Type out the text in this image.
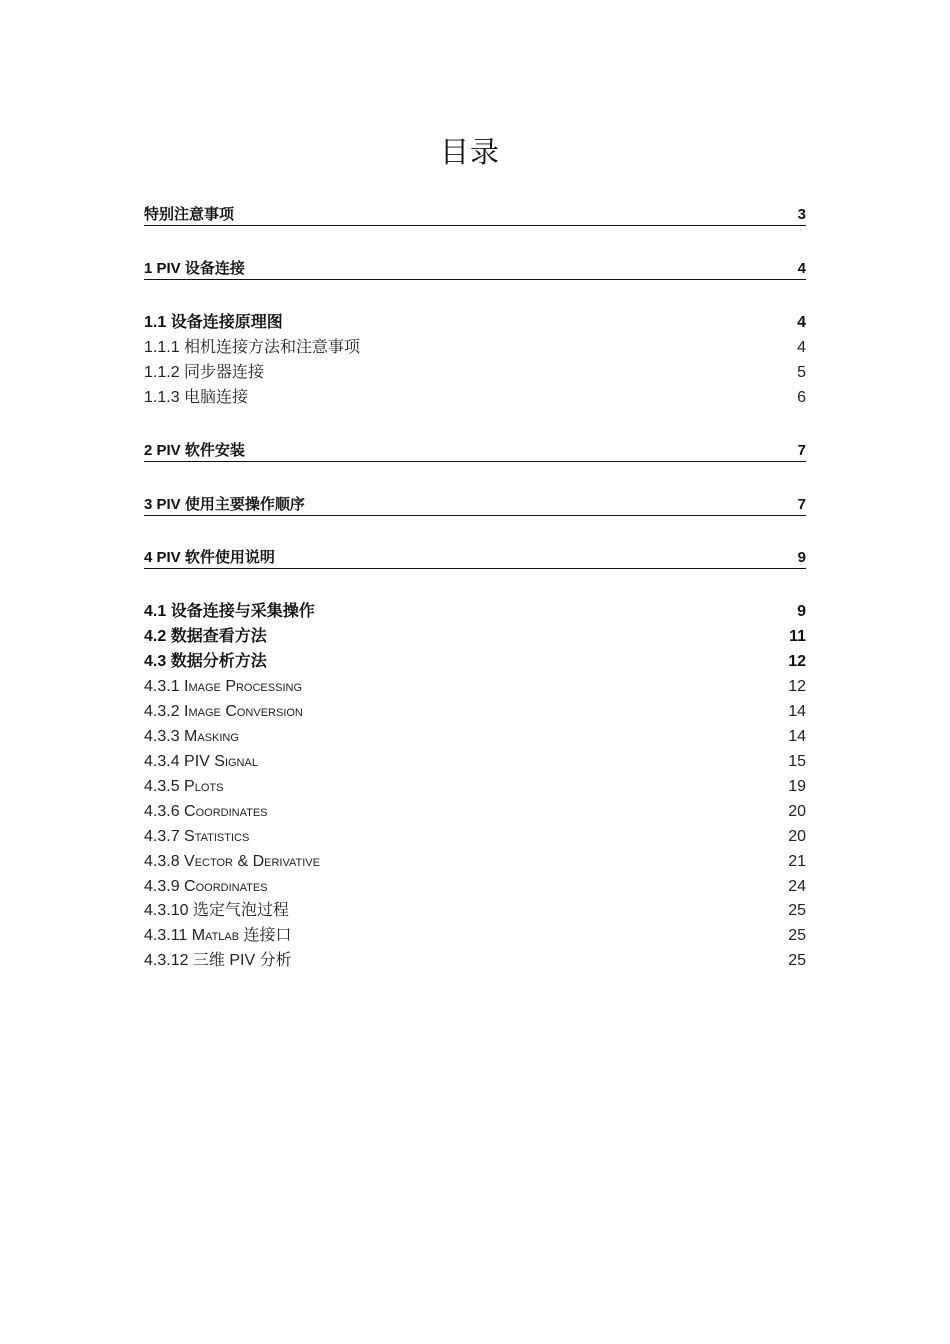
目录
特别注意事项	3
1 PIV 设备连接	4
1.1 设备连接原理图	4
1.1.1 相机连接方法和注意事项	4
1.1.2 同步器连接	5
1.1.3 电脑连接	6
2 PIV 软件安装	7
3 PIV 使用主要操作顺序	7
4 PIV 软件使用说明	9
4.1 设备连接与采集操作	9
4.2 数据查看方法	11
4.3 数据分析方法	12
4.3.1 Image Processing	12
4.3.2 Image Conversion	14
4.3.3 Masking	14
4.3.4 PIV Signal	15
4.3.5 Plots	19
4.3.6 Coordinates	20
4.3.7 Statistics	20
4.3.8 Vector & Derivative	21
4.3.9 Coordinates	24
4.3.10 选定气泡过程	25
4.3.11 Matlab 连接口	25
4.3.12 三维 PIV 分析	25
